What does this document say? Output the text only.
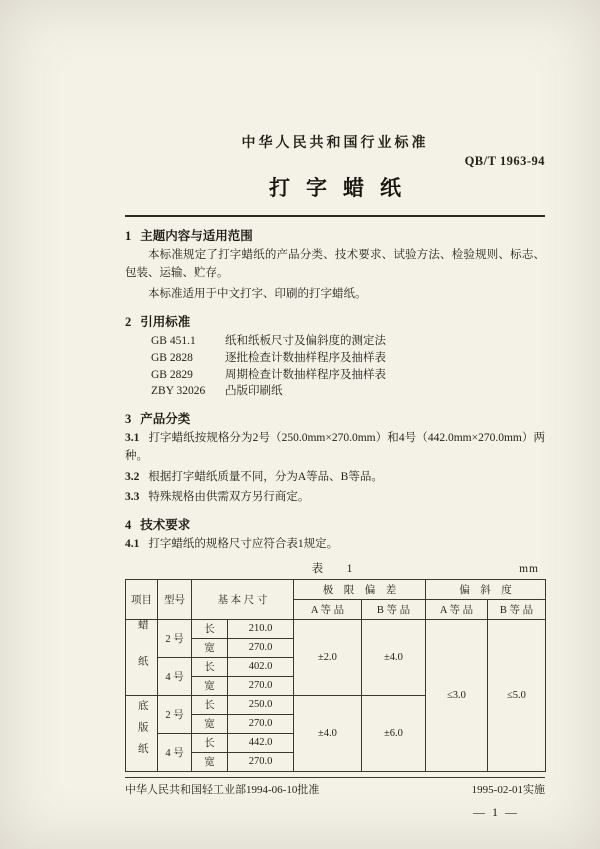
中华人民共和国行业标准
QB/T 1963-94
打字蜡纸
1 主题内容与适用范围

本标准规定了打字蜡纸的产品分类、技术要求、试验方法、检验规则、标志、包装、运输、贮存。

本标准适用于中文打字、印刷的打字蜡纸。

2 引用标准
GB 451.1	纸和纸板尺寸及偏斜度的测定法
GB 2828	逐批检查计数抽样程序及抽样表
GB 2829	周期检查计数抽样程序及抽样表
ZBY 32026 凸版印刷纸
3 产品分类

3.1 打字蜡纸按规格分为2号（250.0mm×270.0mm）和4号（442.0mm×270.0mm）两种。

3.2 根据打字蜡纸质量不同，分为A等品、B等品。

3.3 特殊规格由供需双方另行商定。

4 技术要求

4.1 打字蜡纸的规格尺寸应符合表1规定。

表　1	mm
项目	型号	基 本 尺 寸		极　限　偏　差		偏　斜　度	
				A 等 品	B 等 品	A 等 品	B 等 品
蜡纸	2 号	长	210.0	±2.0	±4.0	≤3.0	≤5.0
		宽	270.0				
	4 号	长	402.0				
		宽	270.0				
底版纸	2 号	长	250.0	±4.0	±6.0		
		宽	270.0				
	4 号	长	442.0				
		宽	270.0				
中华人民共和国轻工业部1994-06-10批准	1995-02-01实施
— 1 —
